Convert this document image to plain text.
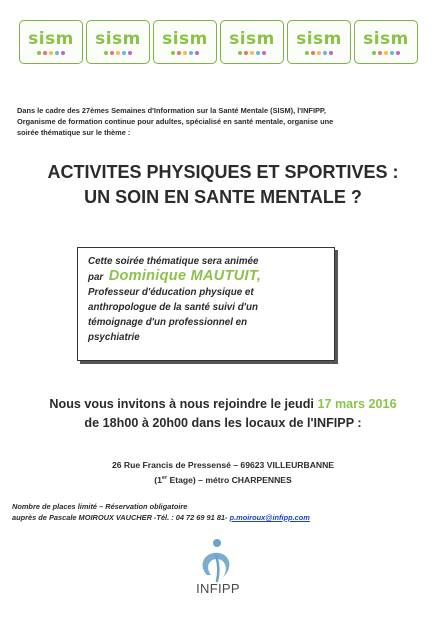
sism sism sism sism sism sism
Dans le cadre des 27èmes Semaines d'Information sur la Santé Mentale (SISM), l'INFIPP,
Organisme de formation continue pour adultes, spécialisé en santé mentale, organise une
soirée thématique sur le thème :
ACTIVITES PHYSIQUES ET SPORTIVES :
UN SOIN EN SANTE MENTALE ?
Cette soirée thématique sera animée
par Dominique MAUTUIT,
Professeur d'éducation physique et
anthropologue de la santé suivi d'un
témoignage d'un professionnel en
psychiatrie
Nous vous invitons à nous rejoindre le jeudi 17 mars 2016
de 18h00 à 20h00 dans les locaux de l'INFIPP :
26 Rue Francis de Pressensé – 69623 VILLEURBANNE
(1er Etage) – métro CHARPENNES
Nombre de places limité – Réservation obligatoire
auprès de Pascale MOIROUX VAUCHER -Tél. : 04 72 69 91 81- p.moiroux@infipp.com
INFIPP
